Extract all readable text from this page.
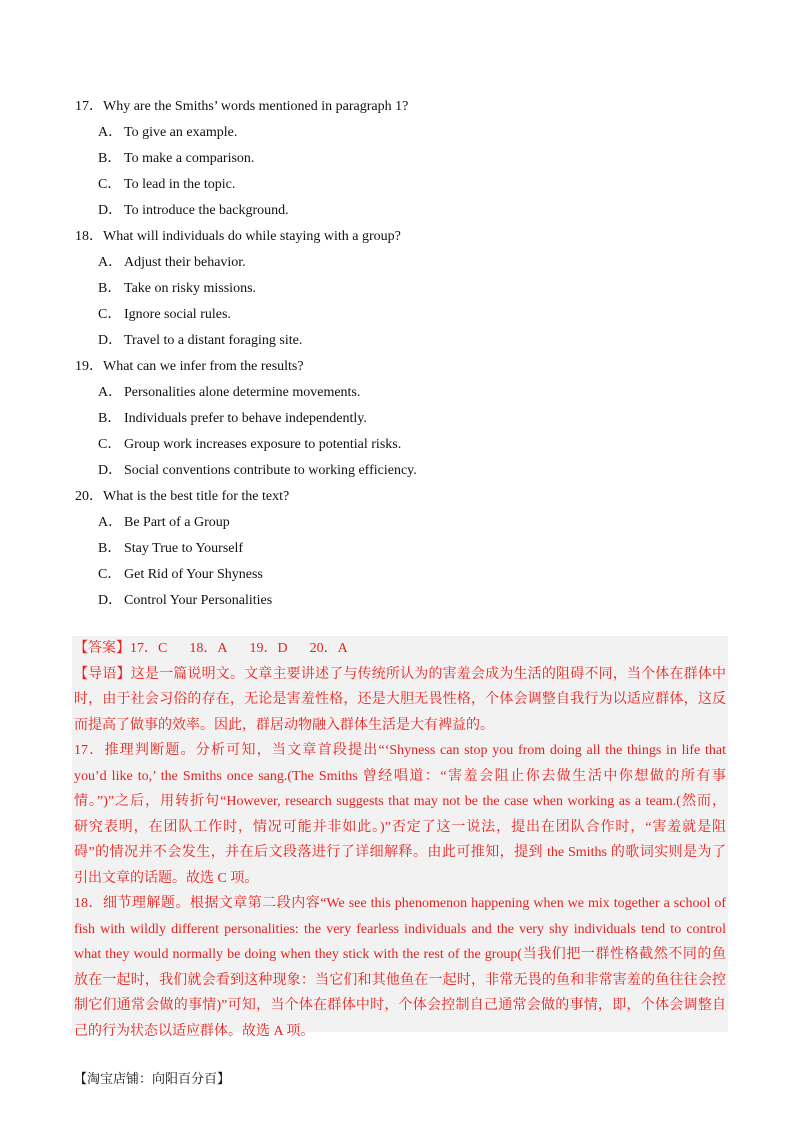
17．Why are the Smiths’ words mentioned in paragraph 1?
A． To give an example.
B． To make a comparison.
C． To lead in the topic.
D． To introduce the background.
18．What will individuals do while staying with a group?
A． Adjust their behavior.
B． Take on risky missions.
C． Ignore social rules.
D． Travel to a distant foraging site.
19．What can we infer from the results?
A． Personalities alone determine movements.
B． Individuals prefer to behave independently.
C． Group work increases exposure to potential risks.
D． Social conventions contribute to working efficiency.
20．What is the best title for the text?
A． Be Part of a Group
B． Stay True to Yourself
C． Get Rid of Your Shyness
D． Control Your Personalities
【答案】17．C 18．A 19．D 20．A
【导语】这是一篇说明文。文章主要讲述了与传统所认为的害羞会成为生活的阻碍不同，当个体在群体中
时，由于社会习俗的存在，无论是害羞性格，还是大胆无畏性格，个体会调整自我行为以适应群体，这反
而提高了做事的效率。因此，群居动物融入群体生活是大有裨益的。
17．推理判断题。分析可知，当文章首段提出“‘Shyness can stop you from doing all the things in life that
you’d like to,’ the Smiths once sang.(The Smiths 曾经唱道：“害羞会阻止你去做生活中你想做的所有事
情。”)”之后，用转折句“However, research suggests that may not be the case when working as a team.(然而，
研究表明，在团队工作时，情况可能并非如此。)”否定了这一说法，提出在团队合作时，“害羞就是阻
碍”的情况并不会发生，并在后文段落进行了详细解释。由此可推知，提到 the Smiths 的歌词实则是为了
引出文章的话题。故选 C 项。
18．细节理解题。根据文章第二段内容“We see this phenomenon happening when we mix together a school of
fish with wildly different personalities: the very fearless individuals and the very shy individuals tend to control
what they would normally be doing when they stick with the rest of the group(当我们把一群性格截然不同的鱼
放在一起时，我们就会看到这种现象：当它们和其他鱼在一起时，非常无畏的鱼和非常害羞的鱼往往会控
制它们通常会做的事情)”可知，当个体在群体中时，个体会控制自己通常会做的事情，即，个体会调整自
己的行为状态以适应群体。故选 A 项。
【淘宝店铺：向阳百分百】
